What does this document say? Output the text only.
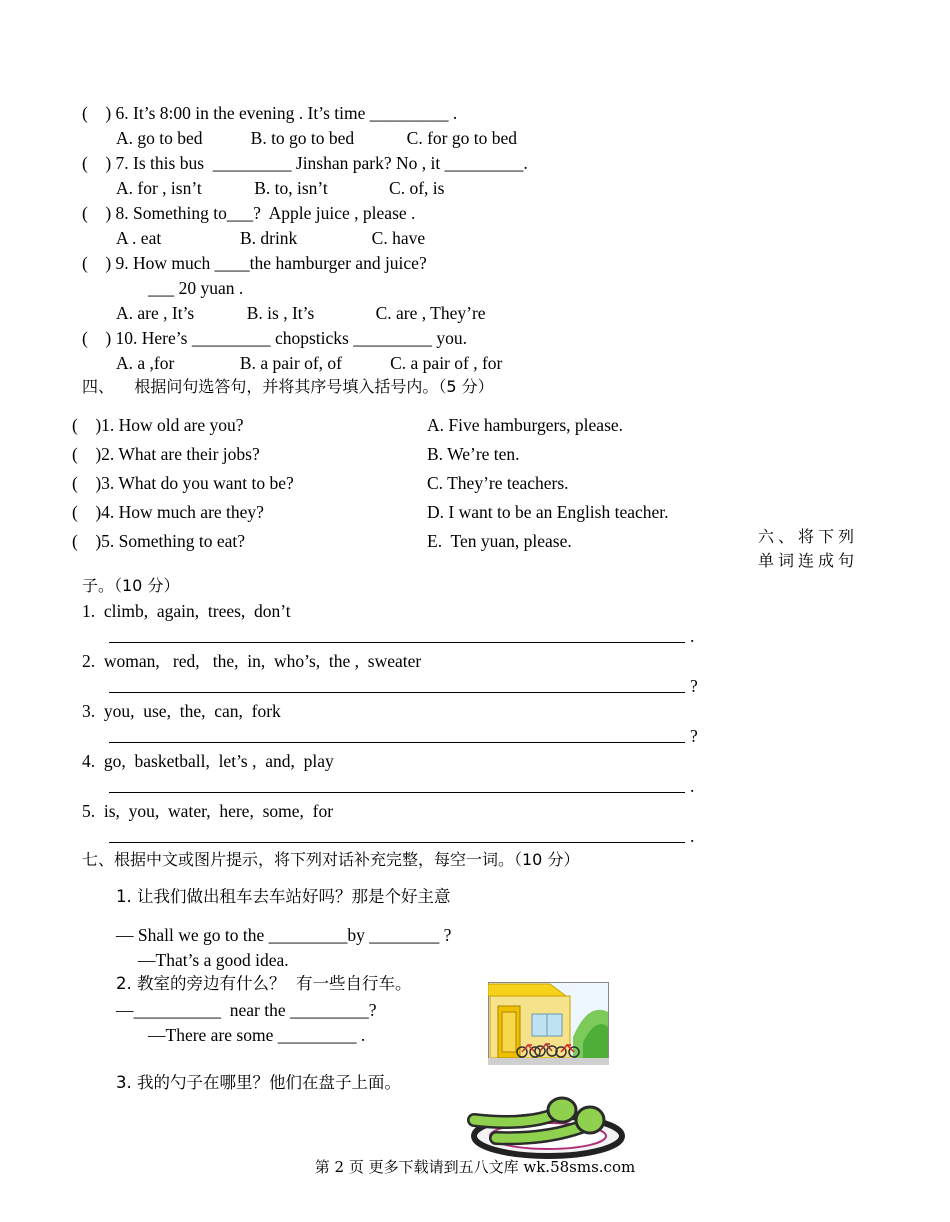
(    ) 6. It’s 8:00 in the evening . It’s time _________ .
A. go to bed           B. to go to bed            C. for go to bed
(    ) 7. Is this bus  _________ Jinshan park? No , it _________.
A. for , isn’t            B. to, isn’t              C. of, is
(    ) 8. Something to___?  Apple juice , please .
A . eat                  B. drink                 C. have
(    ) 9. How much ____the hamburger and juice?
___ 20 yuan .
A. are , It’s            B. is , It’s              C. are , They’re
(    ) 10. Here’s _________ chopsticks _________ you.
A. a ,for               B. a pair of, of           C. a pair of , for
四、    根据问句选答句，并将其序号填入括号内。（5 分）
(    )1. How old are you?
(    )2. What are their jobs?
(    )3. What do you want to be?
(    )4. How much are they?
(    )5. Something to eat?
A. Five hamburgers, please.
B. We’re ten.
C. They’re teachers.
D. I want to be an English teacher.
E.  Ten yuan, please.	六、将下列
单词连成句
子。（10 分）
1.  climb,  again,  trees,  don’t
.
2.  woman,   red,   the,  in,  who’s,  the ,  sweater
?
3.  you,  use,  the,  can,  fork
?
4.  go,  basketball,  let’s ,  and,  play
.
5.  is,  you,  water,  here,  some,  for
.
七、根据中文或图片提示，将下列对话补充完整，每空一词。（10 分）
1. 让我们做出租车去车站好吗？那是个好主意
— Shall we go to the _________by ________ ?
—That’s a good idea.
2. 教室的旁边有什么？  有一些自行车。
—__________  near the _________?
—There are some _________ .
3. 我的勺子在哪里？他们在盘子上面。
第 2 页 更多下载请到五八文库 wk.58sms.com
